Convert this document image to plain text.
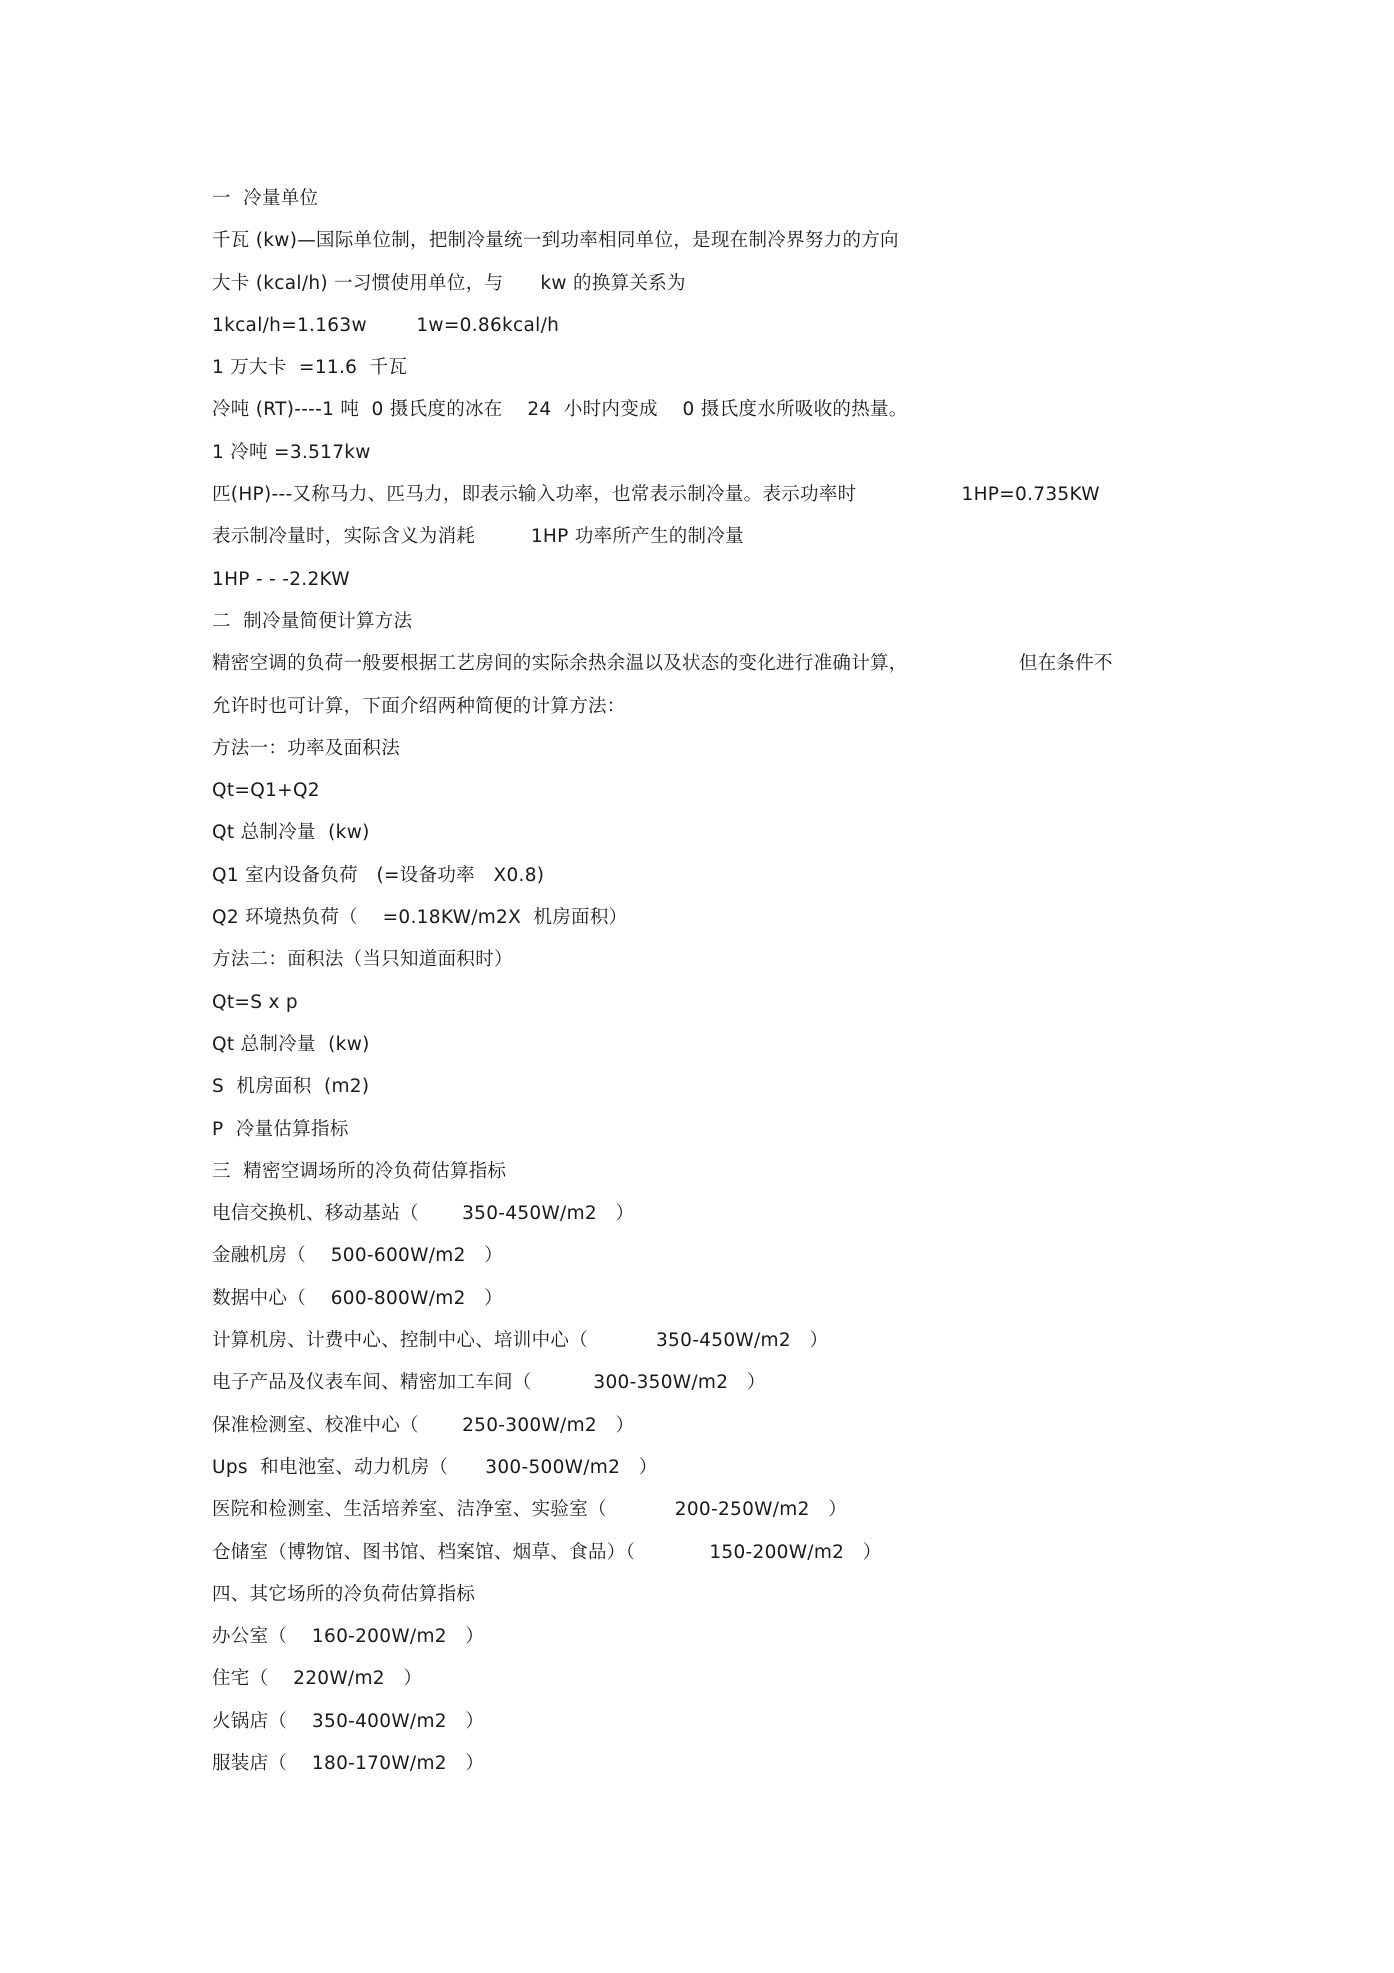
一  冷量单位
千瓦 (kw)—国际单位制，把制冷量统一到功率相同单位，是现在制冷界努力的方向
大卡 (kcal/h) 一习惯使用单位，与      kw 的换算关系为
1kcal/h=1.163w        1w=0.86kcal/h
1 万大卡  =11.6  千瓦
冷吨 (RT)----1 吨  0 摄氏度的冰在    24  小时内变成    0 摄氏度水所吸收的热量。
1 冷吨 =3.517kw
匹(HP)---又称马力、匹马力，即表示输入功率，也常表示制冷量。表示功率时                 1HP=0.735KW
表示制冷量时，实际含义为消耗         1HP 功率所产生的制冷量
1HP - - -2.2KW
二  制冷量简便计算方法
精密空调的负荷一般要根据工艺房间的实际余热余温以及状态的变化进行准确计算，                  但在条件不
允许时也可计算，下面介绍两种简便的计算方法：
方法一：功率及面积法
Qt=Q1+Q2
Qt 总制冷量  (kw)
Q1 室内设备负荷   (=设备功率   X0.8)
Q2 环境热负荷（    =0.18KW/m2X  机房面积）
方法二：面积法（当只知道面积时）
Qt=S x p
Qt 总制冷量  (kw)
S  机房面积  (m2)
P  冷量估算指标
三  精密空调场所的冷负荷估算指标
电信交换机、移动基站（       350-450W/m2   ）
金融机房（    500-600W/m2   ）
数据中心（    600-800W/m2   ）
计算机房、计费中心、控制中心、培训中心（           350-450W/m2   ）
电子产品及仪表车间、精密加工车间（          300-350W/m2   ）
保准检测室、校准中心（       250-300W/m2   ）
Ups  和电池室、动力机房（      300-500W/m2   ）
医院和检测室、生活培养室、洁净室、实验室（           200-250W/m2   ）
仓储室（博物馆、图书馆、档案馆、烟草、食品）（            150-200W/m2   ）
四、其它场所的冷负荷估算指标
办公室（    160-200W/m2   ）
住宅（    220W/m2   ）
火锅店（    350-400W/m2   ）
服装店（    180-170W/m2   ）
